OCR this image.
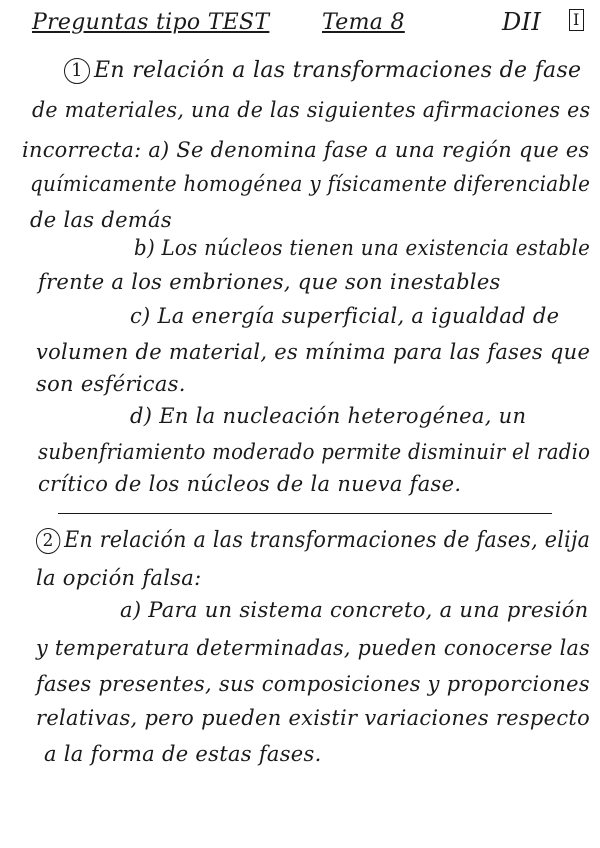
Preguntas tipo TEST Tema 8	DII I
1 En relación a las transformaciones de fase
de materiales, una de las siguientes afirmaciones es
incorrecta: a) Se denomina fase a una región que es
químicamente homogénea y físicamente diferenciable
de las demás
b) Los núcleos tienen una existencia estable
frente a los embriones, que son inestables
c) La energía superficial, a igualdad de
volumen de material, es mínima para las fases que
son esféricas.
d) En la nucleación heterogénea, un
subenfriamiento moderado permite disminuir el radio
crítico de los núcleos de la nueva fase.
2 En relación a las transformaciones de fases, elija
la opción falsa:
a) Para un sistema concreto, a una presión
y temperatura determinadas, pueden conocerse las
fases presentes, sus composiciones y proporciones
relativas, pero pueden existir variaciones respecto
a la forma de estas fases.
